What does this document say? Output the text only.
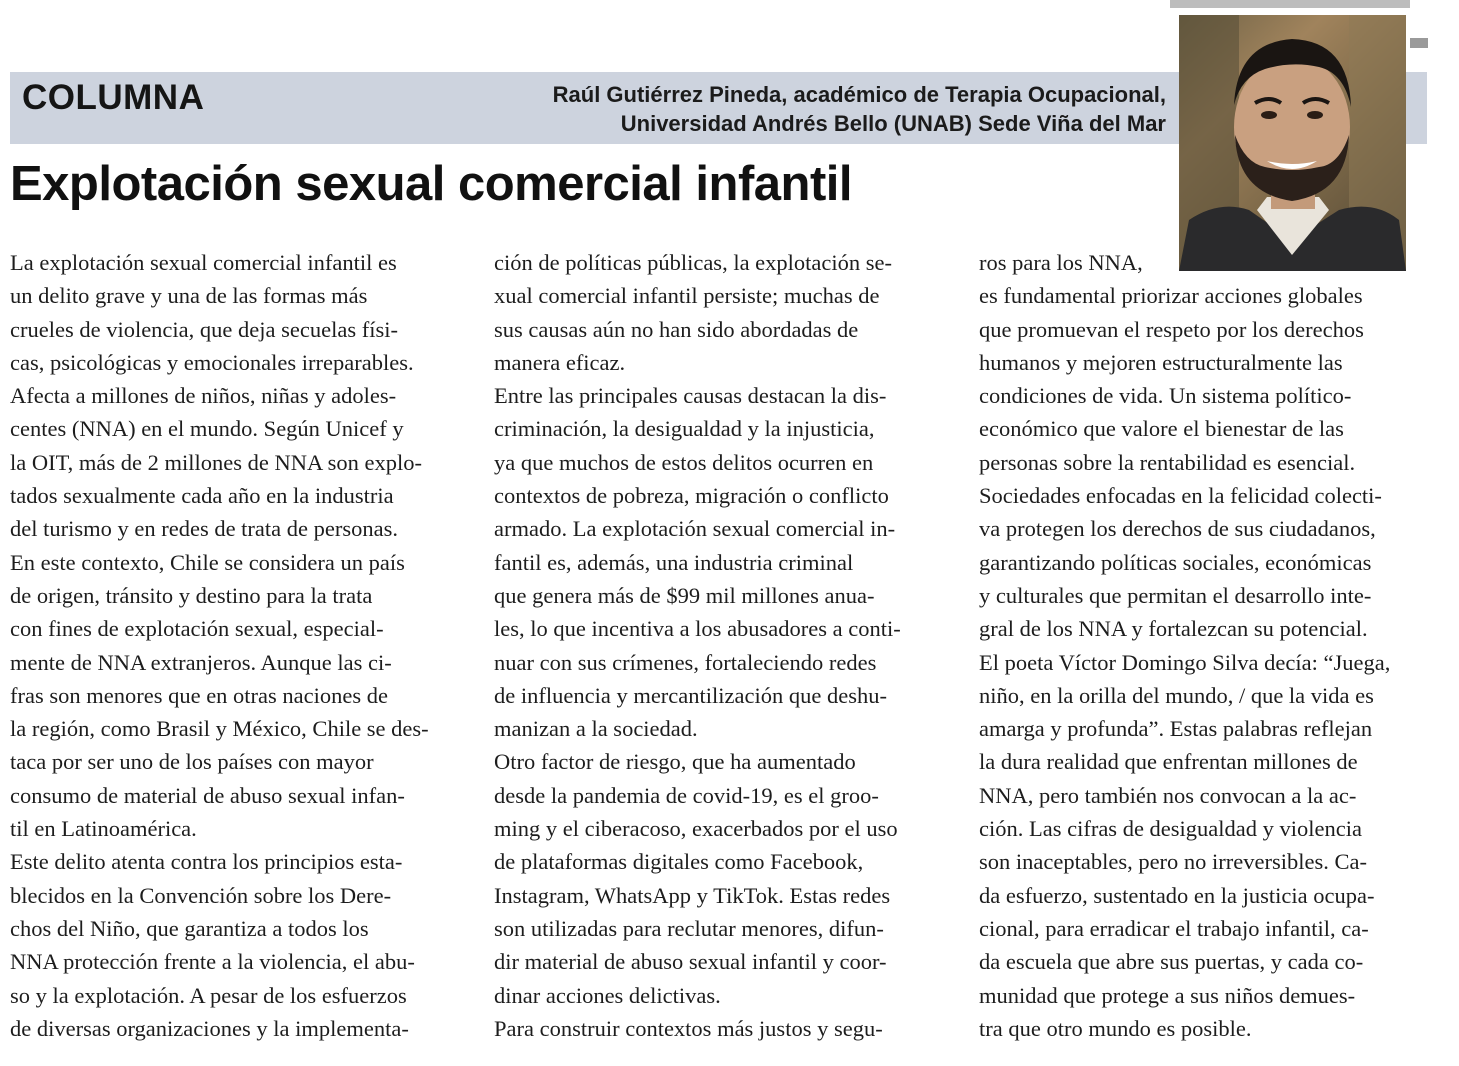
COLUMNA	Raúl Gutiérrez Pineda, académico de Terapia Ocupacional,
Universidad Andrés Bello (UNAB) Sede Viña del Mar
Explotación sexual comercial infantil

La explotación sexual comercial infantil es

un delito grave y una de las formas más

crueles de violencia, que deja secuelas físi-

cas, psicológicas y emocionales irreparables.

Afecta a millones de niños, niñas y adoles-

centes (NNA) en el mundo. Según Unicef y

la OIT, más de 2 millones de NNA son explo-

tados sexualmente cada año en la industria

del turismo y en redes de trata de personas.

En este contexto, Chile se considera un país

de origen, tránsito y destino para la trata

con fines de explotación sexual, especial-

mente de NNA extranjeros. Aunque las ci-

fras son menores que en otras naciones de

la región, como Brasil y México, Chile se des-

taca por ser uno de los países con mayor

consumo de material de abuso sexual infan-

til en Latinoamérica.

Este delito atenta contra los principios esta-

blecidos en la Convención sobre los Dere-

chos del Niño, que garantiza a todos los

NNA protección frente a la violencia, el abu-

so y la explotación. A pesar de los esfuerzos

de diversas organizaciones y la implementa-

ción de políticas públicas, la explotación se-

xual comercial infantil persiste; muchas de

sus causas aún no han sido abordadas de

manera eficaz.

Entre las principales causas destacan la dis-

criminación, la desigualdad y la injusticia,

ya que muchos de estos delitos ocurren en

contextos de pobreza, migración o conflicto

armado. La explotación sexual comercial in-

fantil es, además, una industria criminal

que genera más de $99 mil millones anua-

les, lo que incentiva a los abusadores a conti-

nuar con sus crímenes, fortaleciendo redes

de influencia y mercantilización que deshu-

manizan a la sociedad.

Otro factor de riesgo, que ha aumentado

desde la pandemia de covid-19, es el groo-

ming y el ciberacoso, exacerbados por el uso

de plataformas digitales como Facebook,

Instagram, WhatsApp y TikTok. Estas redes

son utilizadas para reclutar menores, difun-

dir material de abuso sexual infantil y coor-

dinar acciones delictivas.

Para construir contextos más justos y segu-

ros para los NNA,

es fundamental priorizar acciones globales

que promuevan el respeto por los derechos

humanos y mejoren estructuralmente las

condiciones de vida. Un sistema político-

económico que valore el bienestar de las

personas sobre la rentabilidad es esencial.

Sociedades enfocadas en la felicidad colecti-

va protegen los derechos de sus ciudadanos,

garantizando políticas sociales, económicas

y culturales que permitan el desarrollo inte-

gral de los NNA y fortalezcan su potencial.

El poeta Víctor Domingo Silva decía: “Juega,

niño, en la orilla del mundo, / que la vida es

amarga y profunda”. Estas palabras reflejan

la dura realidad que enfrentan millones de

NNA, pero también nos convocan a la ac-

ción. Las cifras de desigualdad y violencia

son inaceptables, pero no irreversibles. Ca-

da esfuerzo, sustentado en la justicia ocupa-

cional, para erradicar el trabajo infantil, ca-

da escuela que abre sus puertas, y cada co-

munidad que protege a sus niños demues-

tra que otro mundo es posible.
